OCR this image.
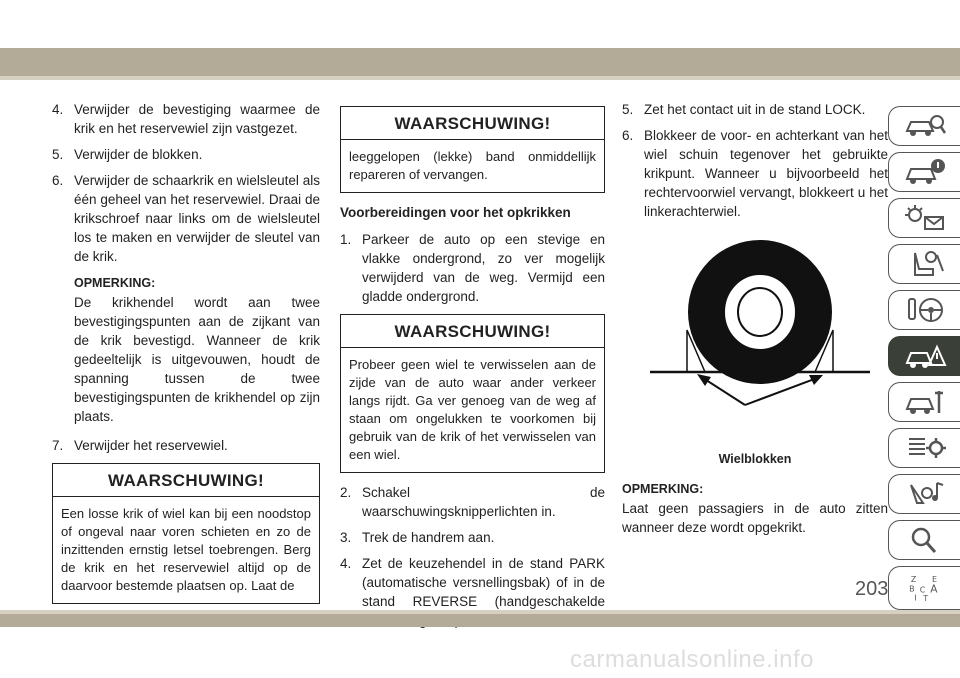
4. Verwijder de bevestiging waarmee de krik en het reservewiel zijn vastgezet.
5. Verwijder de blokken.
6. Verwijder de schaarkrik en wielsleutel als één geheel van het reservewiel. Draai de krikschroef naar links om de wielsleutel los te maken en verwijder de sleutel van de krik.
OPMERKING:
De krikhendel wordt aan twee bevestigingspunten aan de zijkant van de krik bevestigd. Wanneer de krik gedeeltelijk is uitgevouwen, houdt de spanning tussen de twee bevestigingspunten de krikhendel op zijn plaats.
7. Verwijder het reservewiel.
WAARSCHUWING!
Een losse krik of wiel kan bij een noodstop of ongeval naar voren schieten en zo de inzittenden ernstig letsel toebrengen. Berg de krik en het reservewiel altijd op de daarvoor bestemde plaatsen op. Laat de
WAARSCHUWING!
leeggelopen (lekke) band onmiddellijk repareren of vervangen.
Voorbereidingen voor het opkrikken
1. Parkeer de auto op een stevige en vlakke ondergrond, zo ver mogelijk verwijderd van de weg. Vermijd een gladde ondergrond.
WAARSCHUWING!
Probeer geen wiel te verwisselen aan de zijde van de auto waar ander verkeer langs rijdt. Ga ver genoeg van de weg af staan om ongelukken te voorkomen bij gebruik van de krik of het verwisselen van een wiel.
2. Schakel de waarschuwingsknipperlichten in.
3. Trek de handrem aan.
4. Zet de keuzehendel in de stand PARK (automatische versnellingsbak) of in de stand REVERSE (handgeschakelde
5. Zet het contact uit in de stand LOCK.
6. Blokkeer de voor- en achterkant van het wiel schuin tegenover het gebruikte krikpunt. Wanneer u bijvoorbeeld het rechtervoorwiel vervangt, blokkeert u het linkerachterwiel.
Wielblokken
OPMERKING:
Laat geen passagiers in de auto zitten wanneer deze wordt opgekrikt.
Z E
B A
I
C
T
203
carmanualsonline.info
